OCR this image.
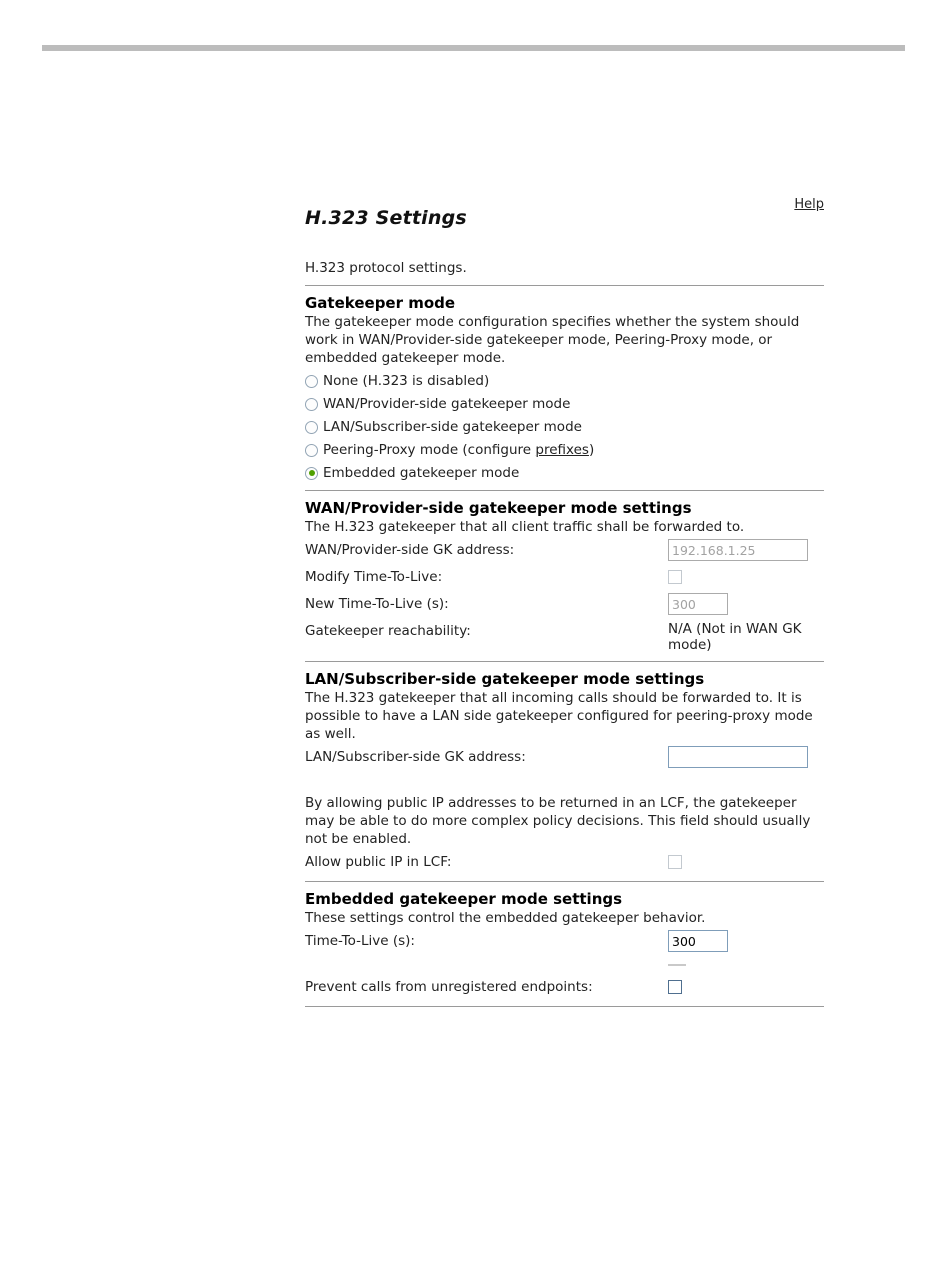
H.323 Settings
Help
H.323 protocol settings.
Gatekeeper mode
The gatekeeper mode configuration specifies whether the system should work in WAN/Provider-side gatekeeper mode, Peering-Proxy mode, or embedded gatekeeper mode.
None (H.323 is disabled)
WAN/Provider-side gatekeeper mode
LAN/Subscriber-side gatekeeper mode
Peering-Proxy mode (configure prefixes)
Embedded gatekeeper mode
WAN/Provider-side gatekeeper mode settings
The H.323 gatekeeper that all client traffic shall be forwarded to.
WAN/Provider-side GK address:
192.168.1.25
Modify Time-To-Live:
New Time-To-Live (s):
300
Gatekeeper reachability:	N/A (Not in WAN GK mode)
LAN/Subscriber-side gatekeeper mode settings
The H.323 gatekeeper that all incoming calls should be forwarded to. It is possible to have a LAN side gatekeeper configured for peering-proxy mode as well.
LAN/Subscriber-side GK address:
By allowing public IP addresses to be returned in an LCF, the gatekeeper may be able to do more complex policy decisions. This field should usually not be enabled.
Allow public IP in LCF:
Embedded gatekeeper mode settings
These settings control the embedded gatekeeper behavior.
Time-To-Live (s):
300
Prevent calls from unregistered endpoints:
